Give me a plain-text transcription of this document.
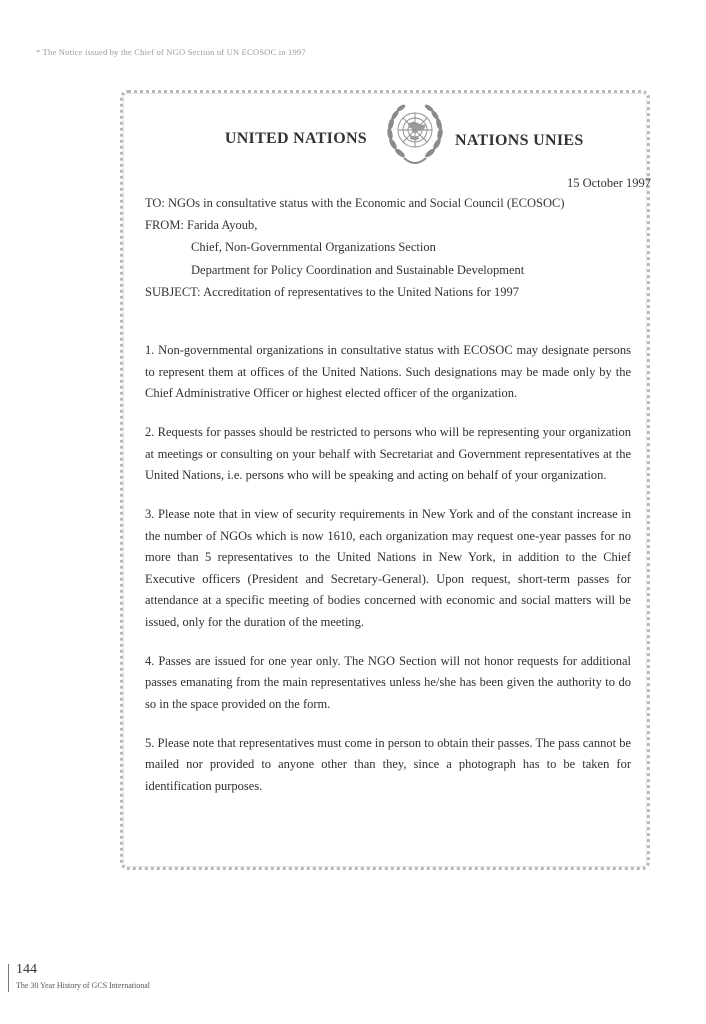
* The Notice issued by the Chief of NGO Section of UN ECOSOC in 1997
UNITED NATIONS	NATIONS UNIES
15 October 1997
TO: NGOs in consultative status with the Economic and Social Council (ECOSOC)
FROM: Farida Ayoub,
Chief, Non-Governmental Organizations Section
Department for Policy Coordination and Sustainable Development
SUBJECT: Accreditation of representatives to the United Nations for 1997

1. Non-governmental organizations in consultative status with ECOSOC may designate persons to represent them at offices of the United Nations. Such designations may be made only by the Chief Administrative Officer or highest elected officer of the organization.

2. Requests for passes should be restricted to persons who will be representing your organization at meetings or consulting on your behalf with Secretariat and Government representatives at the United Nations, i.e. persons who will be speaking and acting on behalf of your organization.

3. Please note that in view of security requirements in New York and of the constant increase in the number of NGOs which is now 1610, each organization may request one-year passes for no more than 5 representatives to the United Nations in New York, in addition to the Chief Executive officers (President and Secretary-General). Upon request, short-term passes for attendance at a specific meeting of bodies concerned with economic and social matters will be issued, only for the duration of the meeting.

4. Passes are issued for one year only. The NGO Section will not honor requests for additional passes emanating from the main representatives unless he/she has been given the authority to do so in the space provided on the form.

5. Please note that representatives must come in person to obtain their passes. The pass cannot be mailed nor provided to anyone other than they, since a photograph has to be taken for identification purposes.

144
The 30 Year History of GCS International
